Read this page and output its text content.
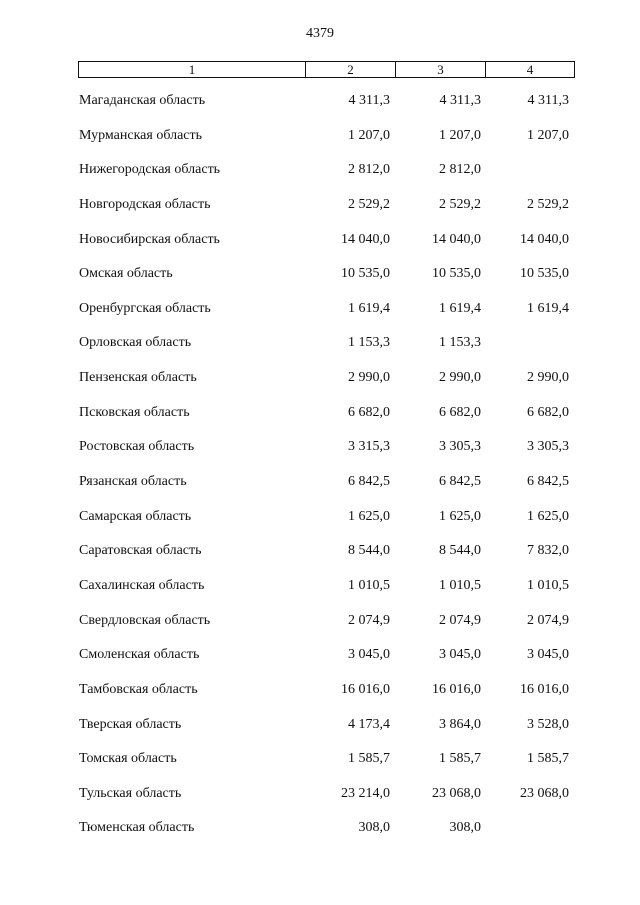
4379
1	2	3	4
Магаданская область	4 311,3	4 311,3	4 311,3
Мурманская область	1 207,0	1 207,0	1 207,0
Нижегородская область	2 812,0	2 812,0
Новгородская область	2 529,2	2 529,2	2 529,2
Новосибирская область	14 040,0	14 040,0	14 040,0
Омская область	10 535,0	10 535,0	10 535,0
Оренбургская область	1 619,4	1 619,4	1 619,4
Орловская область	1 153,3	1 153,3
Пензенская область	2 990,0	2 990,0	2 990,0
Псковская область	6 682,0	6 682,0	6 682,0
Ростовская область	3 315,3	3 305,3	3 305,3
Рязанская область	6 842,5	6 842,5	6 842,5
Самарская область	1 625,0	1 625,0	1 625,0
Саратовская область	8 544,0	8 544,0	7 832,0
Сахалинская область	1 010,5	1 010,5	1 010,5
Свердловская область	2 074,9	2 074,9	2 074,9
Смоленская область	3 045,0	3 045,0	3 045,0
Тамбовская область	16 016,0	16 016,0	16 016,0
Тверская область	4 173,4	3 864,0	3 528,0
Томская область	1 585,7	1 585,7	1 585,7
Тульская область	23 214,0	23 068,0	23 068,0
Тюменская область	308,0	308,0
